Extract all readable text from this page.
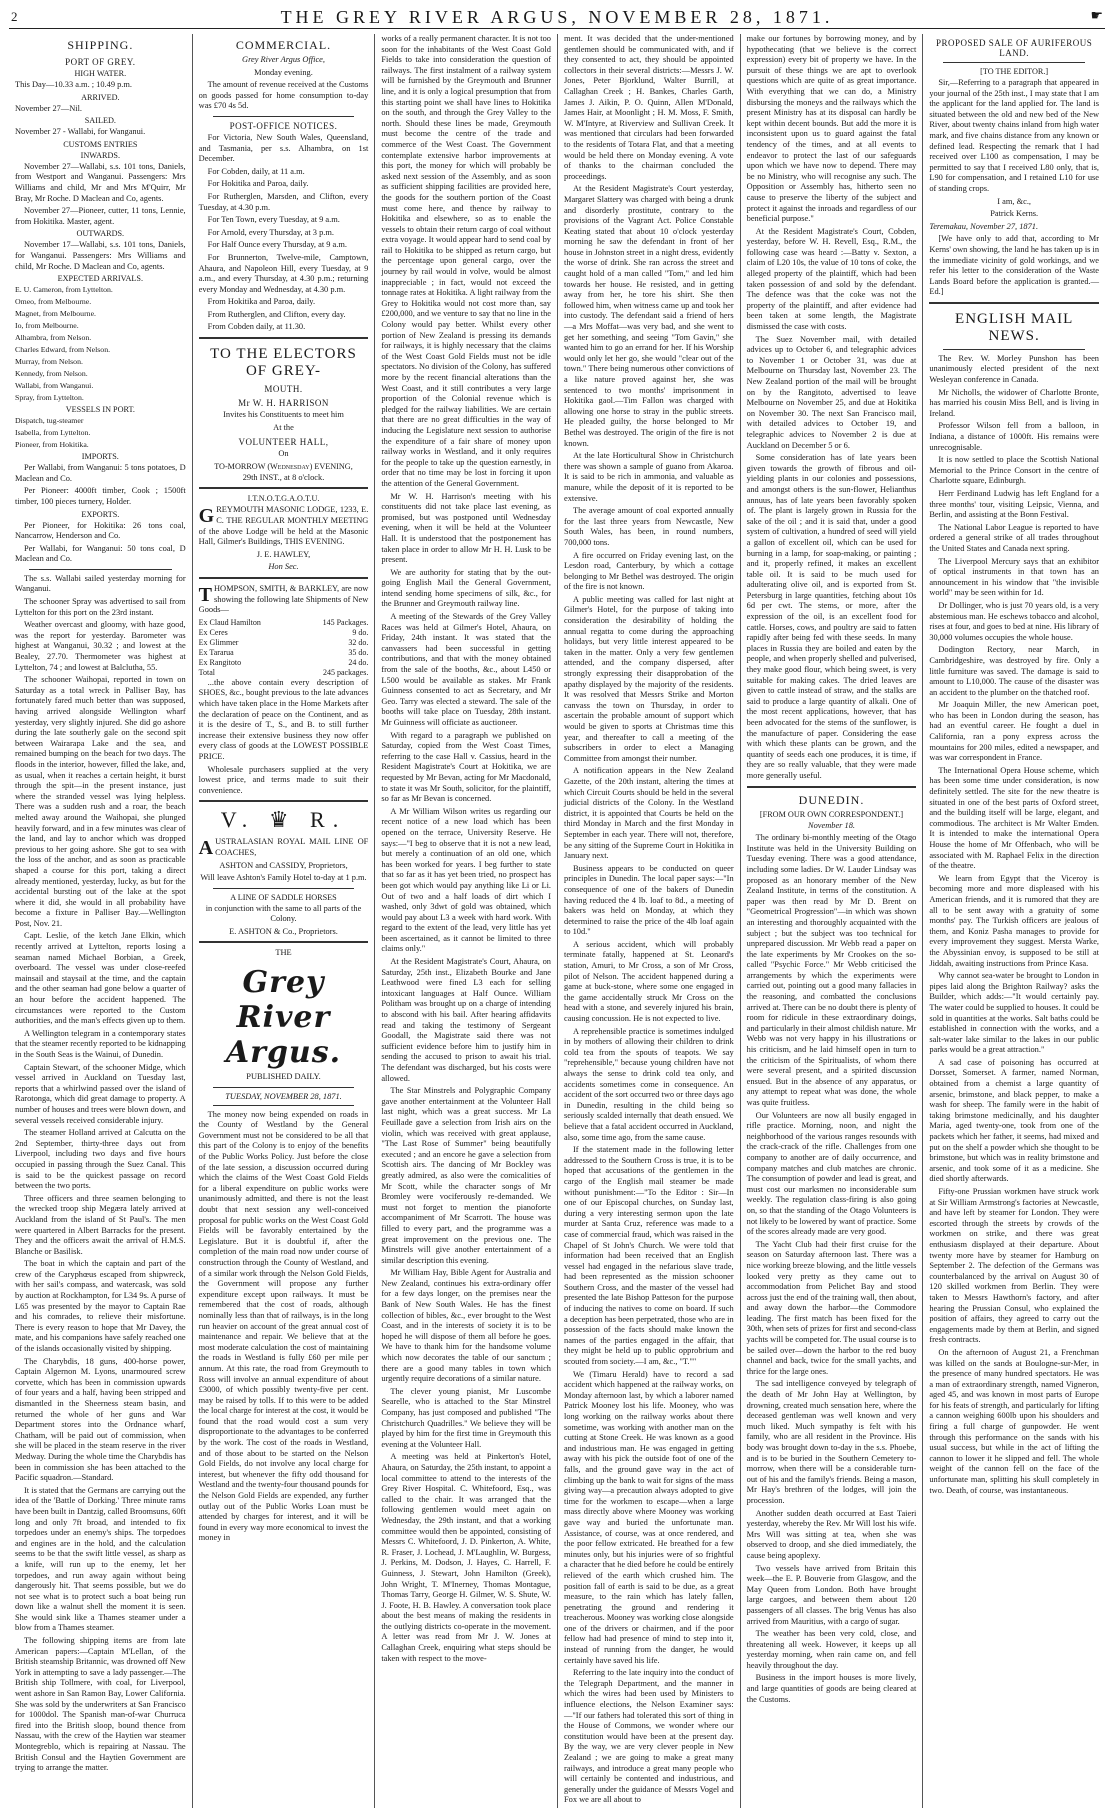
2	THE GREY RIVER ARGUS, NOVEMBER 28, 1871.	☛
SHIPPING.
PORT OF GREY.
HIGH WATER.

This Day—10.33 a.m. ; 10.49 p.m.

ARRIVED.

November 27—Nil.

SAILED.

November 27 - Wallabi, for Wanganui.

CUSTOMS ENTRIES
INWARDS.

November 27—Wallabi, s.s. 101 tons, Daniels, from Westport and Wanganui. Passengers: Mrs Williams and child, Mr and Mrs M'Quirr, Mr Bray, Mr Roche. D Maclean and Co, agents.

November 27—Pioneer, cutter, 11 tons, Lennie, from Hokitika. Master, agent.

OUTWARDS.

November 17—Wallabi, s.s. 101 tons, Daniels, for Wanganui. Passengers: Mrs Williams and child, Mr Roche. D Maclean and Co, agents.

EXPECTED ARRIVALS.

E. U. Cameron, from Lyttelton.

Omeo, from Melbourne.

Magnet, from Melbourne.

Io, from Melbourne.

Alhambra, from Nelson.

Charles Edward, from Nelson.

Murray, from Nelson.

Kennedy, from Nelson.

Wallabi, from Wanganui.

Spray, from Lyttelton.

VESSELS IN PORT.

Dispatch, tug-steamer

Isabella, from Lyttelton.

Pioneer, from Hokitika.

IMPORTS.

Per Wallabi, from Wanganui: 5 tons potatoes, D Maclean and Co.

Per Pioneer: 4000ft timber, Cook ; 1500ft timber, 100 pieces turnery, Holder.

EXPORTS.

Per Pioneer, for Hokitika: 26 tons coal, Nancarrow, Henderson and Co.

Per Wallabi, for Wanganui: 50 tons coal, D Maclean and Co.

The s.s. Wallabi sailed yesterday morning for Wanganui.

The schooner Spray was advertised to sail from Lyttelton for this port on the 23rd instant.

Weather overcast and gloomy, with haze good, was the report for yesterday. Barometer was highest at Wanganui, 30.32 ; and lowest at the Bealey, 27.70. Thermometer was highest at Lyttelton, 74 ; and lowest at Balclutha, 55.

The schooner Waihopai, reported in town on Saturday as a total wreck in Palliser Bay, has fortunately fared much better than was supposed, having arrived alongside Wellington wharf yesterday, very slightly injured. She did go ashore during the late southerly gale on the second spit between Wairarapa Lake and the sea, and remained bumping on the beach for two days. The floods in the interior, however, filled the lake, and, as usual, when it reaches a certain height, it burst through the spit—in the present instance, just where the stranded vessel was lying helpless. There was a sudden rush and a roar, the beach melted away around the Waihopai, she plunged heavily forward, and in a few minutes was clear of the land, and lay to anchor which was dropped previous to her going ashore. She got to sea with the loss of the anchor, and as soon as practicable shaped a course for this port, taking a direct already mentioned, yesterday, lucky, as but for the accidental bursting out of the lake at the spot where it did, she would in all probability have become a fixture in Palliser Bay.—Wellington Post, Nov. 21.

Capt. Leslie, of the ketch Jane Elkin, which recently arrived at Lyttelton, reports losing a seaman named Michael Borbian, a Greek, overboard. The vessel was under close-reefed mainsail and staysail at the time, and the captain and the other seaman had gone below a quarter of an hour before the accident happened. The circumstances were reported to the Custom authorities, and the man's effects given up to them.

A Wellington telegram in a contemporary states that the steamer recently reported to be kidnapping in the South Seas is the Wainui, of Dunedin.

Captain Stewart, of the schooner Midge, which vessel arrived in Auckland on Tuesday last, reports that a whirlwind passed over the island of Rarotonga, which did great damage to property. A number of houses and trees were blown down, and several vessels received considerable injury.

The steamer Holland arrived at Calcutta on the 2nd September, thirty-three days out from Liverpool, including two days and five hours occupied in passing through the Suez Canal. This is said to be the quickest passage on record between the two ports.

Three officers and three seamen belonging to the wrecked troop ship Megæra lately arrived at Auckland from the island of St Paul's. The men were quartered in Albert Barracks for the present. They and the officers await the arrival of H.M.S. Blanche or Basilisk.

The boat in which the captain and part of the crew of the Caryphœus escaped from shipwreck, with her sail's compass, and watercask, was sold by auction at Rockhampton, for L34 9s. A purse of L65 was presented by the mayor to Captain Rae and his comrades, to relieve their misfortune. There is every reason to hope that Mr Davey, the mate, and his companions have safely reached one of the islands occasionally visited by shipping.

The Charybdis, 18 guns, 400-horse power, Captain Algernon M. Lyons, unarmoured screw corvette, which has been in commission upwards of four years and a half, having been stripped and dismantled in the Sheerness steam basin, and returned the whole of her guns and War Department stores into the Ordnance wharf, Chatham, will be paid out of commission, when she will be placed in the steam reserve in the river Medway. During the whole time the Charybdis has been in commission she has been attached to the Pacific squadron.—Standard.

It is stated that the Germans are carrying out the idea of the 'Battle of Dorking.' Three minute rams have been built in Dantzig, called Broomsuns, 60ft long and only 7ft broad, and intended to fix torpedoes under an enemy's ships. The torpedoes and engines are in the hold, and the calculation seems to be that the swift little vessel, as sharp as a knife, will run up to the enemy, let her torpedoes, and run away again without being dangerously hit. That seems possible, but we do not see what is to protect such a boat being run down like a walnut shell the moment it is seen. She would sink like a Thames steamer under a blow from a Thames steamer.

The following shipping items are from late American papers:—Captain M'Lellan, of the British steamship Britannic, was drowned off New York in attempting to save a lady passenger.—The British ship Tollmere, with coal, for Liverpool, went ashore in San Ramon Bay, Lower California. She was sold by the underwriters at San Francisco for 1000dol. The Spanish man-of-war Churruca fired into the British sloop, bound thence from Nassau, with the crew of the Haytien war steamer Montegreblo, which is repairing at Nassau. The British Consul and the Haytien Government are trying to arrange the matter.

COMMERCIAL.

Grey River Argus Office,

Monday evening.

The amount of revenue received at the Customs on goods passed for home consumption to-day was £70 4s 5d.

POST-OFFICE NOTICES.

For Victoria, New South Wales, Queensland, and Tasmania, per s.s. Alhambra, on 1st December.

For Cobden, daily, at 11 a.m.

For Hokitika and Paroa, daily.

For Rutherglen, Marsden, and Clifton, every Tuesday, at 4.30 p.m.

For Ten Town, every Tuesday, at 9 a.m.

For Arnold, every Thursday, at 3 p.m.

For Half Ounce every Thursday, at 9 a.m.

For Brunnerton, Twelve-mile, Camptown, Ahaura, and Napoleon Hill, every Tuesday, at 9 a.m., and every Thursday, at 4.30 p.m.; returning every Monday and Wednesday, at 4.30 p.m.

From Hokitika and Paroa, daily.

From Rutherglen, and Clifton, every day.

From Cobden daily, at 11.30.

TO THE ELECTORS OF GREY-
MOUTH.
Mr W. H. HARRISON

Invites his Constituents to meet him

At the

VOLUNTEER HALL,

On

TO-MORROW (Wednesday) EVENING,

29th INST., at 8 o'clock.

I.T.N.O.T.G.A.O.T.U.

GREYMOUTH MASONIC LODGE, 1233, E. C. THE REGULAR MONTHLY MEETING of the above Lodge will be held at the Masonic Hall, Gilmer's Buildings, THIS EVENING.

J. E. HAWLEY,

Hon Sec.

THOMPSON, SMITH, & BARKLEY, are now showing the following late Shipments of New Goods—

Ex Claud Hamilton	145 Packages.
Ex Ceres	9 do.
Ex Glimmer	32 do.
Ex Tararua	35 do.
Ex Rangitoto	24 do.
Total	245 packages.

...the above contain every description of SHOES, &c., bought previous to the late advances which have taken place in the Home Markets after the declaration of peace on the Continent, and as it is the desire of T., S., and B. to still further increase their extensive business they now offer every class of goods at the LOWEST POSSIBLE PRICE.

Wholesale purchasers supplied at the very lowest price, and terms made to suit their convenience.

V. ♛ R.

AUSTRALASIAN ROYAL MAIL LINE OF COACHES,

ASHTON and CASSIDY, Proprietors,

Will leave Ashton's Family Hotel to-day at 1 p.m.

A LINE OF SADDLE HORSES

in conjunction with the same to all parts of the Colony.

E. ASHTON & Co., Proprietors.

THE

Grey River Argus.

PUBLISHED DAILY.

TUESDAY, NOVEMBER 28, 1871.

The money now being expended on roads in the County of Westland by the General Government must not be considered to be all that this part of the Colony is to enjoy of the benefits of the Public Works Policy. Just before the close of the late session, a discussion occurred during which the claims of the West Coast Gold Fields for a liberal expenditure on public works were unanimously admitted, and there is not the least doubt that next session any well-conceived proposal for public works on the West Coast Gold Fields will be favorably entertained by the Legislature. But it is doubtful if, after the completion of the main road now under course of construction through the County of Westland, and of a similar work through the Nelson Gold Fields, the Government will propose any further expenditure except upon railways. It must be remembered that the cost of roads, although nominally less than that of railways, is in the long run heavier on account of the great annual cost of maintenance and repair. We believe that at the most moderate calculation the cost of maintaining the roads in Westland is fully £60 per mile per annum. At this rate, the road from Greymouth to Ross will involve an annual expenditure of about £3000, of which possibly twenty-five per cent. may be raised by tolls. If to this were to be added the local charge for interest at the cost, it would be found that the road would cost a sum very disproportionate to the advantages to be conferred by the work. The cost of the roads in Westland, and of those about to be started on the Nelson Gold Fields, do not involve any local charge for interest, but whenever the fifty odd thousand for Westland and the twenty-four thousand pounds for the Nelson Gold Fields are expended, any further outlay out of the Public Works Loan must be attended by charges for interest, and it will be found in every way more economical to invest the money in

works of a really permanent character. It is not too soon for the inhabitants of the West Coast Gold Fields to take into consideration the question of railways. The first instalment of a railway system will be furnished by the Greymouth and Brunner line, and it is only a logical presumption that from this starting point we shall have lines to Hokitika on the south, and through the Grey Valley to the north. Should these lines be made, Greymouth must become the centre of the trade and commerce of the West Coast. The Government contemplate extensive harbor improvements at this port, the money for which will probably be asked next session of the Assembly, and as soon as sufficient shipping facilities are provided here, the goods for the southern portion of the Coast must come here, and thence by railway to Hokitika and elsewhere, so as to enable the vessels to obtain their return cargo of coal without extra voyage. It would appear hard to send coal by rail to Hokitika to be shipped as return cargo, but the percentage upon general cargo, over the journey by rail would in volve, would be almost inappreciable ; in fact, would not exceed the tonnage rates at Hokitika. A light railway from the Grey to Hokitika would not cost more than, say £200,000, and we venture to say that no line in the Colony would pay better. Whilst every other portion of New Zealand is pressing its demands for railways, it is highly necessary that the claims of the West Coast Gold Fields must not be idle spectators. No division of the Colony, has suffered more by the recent financial alterations than the West Coast, and it still contributes a very large proportion of the Colonial revenue which is pledged for the railway liabilities. We are certain that there are no great difficulties in the way of inducing the Legislature next session to authorise the expenditure of a fair share of money upon railway works in Westland, and it only requires for the people to take up the question earnestly, in order that no time may be lost in forcing it upon the attention of the General Government.

Mr W. H. Harrison's meeting with his constituents did not take place last evening, as promised, but was postponed until Wednesday evening, when it will be held at the Volunteer Hall. It is understood that the postponement has taken place in order to allow Mr H. H. Lusk to be present.

We are authority for stating that by the out-going English Mail the General Government, intend sending home specimens of silk, &c., for the Brunner and Greymouth railway line.

A meeting of the Stewards of the Grey Valley Races was held at Gilmer's Hotel, Ahaura, on Friday, 24th instant. It was stated that the canvassers had been successful in getting contributions, and that with the money obtained from the sale of the booths, &c., about L450 or L500 would be available as stakes. Mr Frank Guinness consented to act as Secretary, and Mr Geo. Tarry was elected a steward. The sale of the booths will take place on Tuesday, 28th instant. Mr Guinness will officiate as auctioneer.

With regard to a paragraph we published on Saturday, copied from the West Coast Times, referring to the case Hall v. Cassius, heard in the Resident Magistrate's Court at Hokitika, we are requested by Mr Bevan, acting for Mr Macdonald, to state it was Mr South, solicitor, for the plaintiff, so far as Mr Bevan is concerned.

A Mr William Wilson writes us regarding our recent notice of a new load which has been opened on the terrace, University Reserve. He says:—"I beg to observe that it is not a new lead, but merely a continuation of an old one, which has been worked for years. I beg further to state that so far as it has yet been tried, no prospect has been got which would pay anything like Li or Li. Out of two and a half loads of dirt which I washed, only 3dwt of gold was obtained, which would pay about L3 a week with hard work. With regard to the extent of the lead, very little has yet been ascertained, as it cannot be limited to three claims only."

At the Resident Magistrate's Court, Ahaura, on Saturday, 25th inst., Elizabeth Bourke and Jane Leathwood were fined L3 each for selling intoxicant languages at Half Ounce. William Politham was brought up on a charge of intending to abscond with his bail. After hearing affidavits read and taking the testimony of Sergeant Goodall, the Magistrate said there was not sufficient evidence before him to justify him in sending the accused to prison to await his trial. The defendant was discharged, but his costs were allowed.

The Star Minstrels and Polygraphic Company gave another entertainment at the Volunteer Hall last night, which was a great success. Mr La Feuillade gave a selection from Irish airs on the violin, which was received with great applause, "The Last Rose of Summer" being beautifully executed ; and an encore he gave a selection from Scottish airs. The dancing of Mr Bockley was greatly admired, as also were the comicalities of Mr Scott, while the character songs of Mr Bromley were vociferously re-demanded. We must not forget to mention the pianoforte accompaniment of Mr Scarrott. The house was filled to every part, and the programme was a great improvement on the previous one. The Minstrels will give another entertainment of a similar description this evening.

Mr William Hay, Bible Agent for Australia and New Zealand, continues his extra-ordinary offer for a few days longer, on the premises near the Bank of New South Wales. He has the finest collection of bibles, &c., ever brought to the West Coast, and in the interests of society it is to be hoped he will dispose of them all before he goes. We have to thank him for the handsome volume which now decorates the table of our sanctum ; there are a good many tables in town which urgently require decorations of a similar nature.

The clever young pianist, Mr Luscombe Searelle, who is attached to the Star Minstrel Company, has just composed and published "The Christchurch Quadrilles." We believe they will be played by him for the first time in Greymouth this evening at the Volunteer Hall.

A meeting was held at Pinkerton's Hotel, Ahaura, on Saturday, the 25th instant, to appoint a local committee to attend to the interests of the Grey River Hospital. C. Whitefoord, Esq., was called to the chair. It was arranged that the following gentlemen would meet again on Wednesday, the 29th instant, and that a working committee would then be appointed, consisting of Messrs C. Whitefoord, J. D. Pinkerton, A. White, R. Fraser, J. Lochead, J. M'Laughlin, W. Burgess, J. Perkins, M. Dodson, J. Hayes, C. Harrell, F. Guinness, J. Stewart, John Hamilton (Greek), John Wright, T. M'Inerney, Thomas Montague, Thomas Tarry, George H. Gilmer, W. S. Shute, W. J. Foote, H. B. Hawley. A conversation took place about the best means of making the residents in the outlying districts co-operate in the movement. A letter was read from Mr J. W. Jones at Callaghan Creek, enquiring what steps should be taken with respect to the move-

ment. It was decided that the under-mentioned gentlemen should be communicated with, and if they consented to act, they should be appointed collectors in their several districts:—Messrs J. W. Jones, Peter Bjorklund, Walter Burrill, at Callaghan Creek ; H. Bankes, Charles Garth, James J. Aikin, P. O. Quinn, Allen M'Donald, James Hair, at Moonlight ; H. M. Moss, F. Smith, W. M'Intyre, at Riverview and Sullivan Creek. It was mentioned that circulars had been forwarded to the residents of Totara Flat, and that a meeting would be held there on Monday evening. A vote of thanks to the chairman concluded the proceedings.

At the Resident Magistrate's Court yesterday, Margaret Slattery was charged with being a drunk and disorderly prostitute, contrary to the provisions of the Vagrant Act. Police Constable Keating stated that about 10 o'clock yesterday morning he saw the defendant in front of her house in Johnston street in a night dress, evidently the worse of drink. She ran across the street and caught hold of a man called "Tom," and led him towards her house. He resisted, and in getting away from her, he tore his shirt. She then followed him, when witness came up and took her into custody. The defendant said a friend of hers—a Mrs Moffat—was very bad, and she went to get her something, and seeing "Tom Gavin," she wanted him to go an errand for her. If his Worship would only let her go, she would "clear out of the town." There being numerous other convictions of a like nature proved against her, she was sentenced to two months' imprisonment in Hokitika gaol.—Tim Fallon was charged with allowing one horse to stray in the public streets. He pleaded guilty, the horse belonged to Mr Bethel was destroyed. The origin of the fire is not known.

At the late Horticultural Show in Christchurch there was shown a sample of guano from Akaroa. It is said to be rich in ammonia, and valuable as manure, while the deposit of it is reported to be extensive.

The average amount of coal exported annually for the last three years from Newcastle, New South Wales, has been, in round numbers, 700,000 tons.

A fire occurred on Friday evening last, on the Lesdon road, Canterbury, by which a cottage belonging to Mr Bethel was destroyed. The origin of the fire is not known.

A public meeting was called for last night at Gilmer's Hotel, for the purpose of taking into consideration the desirability of holding the annual regatta to come during the approaching holidays, but very little interest appeared to be taken in the matter. Only a very few gentlemen attended, and the company dispersed, after strongly expressing their disapprobation of the apathy displayed by the majority of the residents. It was resolved that Messrs Strike and Morton canvass the town on Thursday, in order to ascertain the probable amount of support which would be given to sports at Christmas time this year, and thereafter to call a meeting of the subscribers in order to elect a Managing Committee from amongst their number.

A notification appears in the New Zealand Gazette, of the 20th instant, altering the times at which Circuit Courts should be held in the several judicial districts of the Colony. In the Westland district, it is appointed that Courts be held on the third Monday in March and the first Monday in September in each year. There will not, therefore, be any sitting of the Supreme Court in Hokitika in January next.

Business appears to be conducted on queer principles in Dunedin. The local paper says:—"In consequence of one of the bakers of Dunedin having reduced the 4 lb. loaf to 8d., a meeting of bakers was held on Monday, at which they determined to raise the price of the 4lb loaf again to 10d."

A serious accident, which will probably terminate fatally, happened at St. Leonard's station, Amuri, to Mr Cross, a son of Mr Cross, pilot of Nelson. The accident happened during a game at buck-stone, where some one engaged in the game accidentally struck Mr Cross on the head with a stone, and severely injured his brain, causing concussion. He is not expected to live.

A reprehensible practice is sometimes indulged in by mothers of allowing their children to drink cold tea from the spouts of teapots. We say "reprehensible," because young children have not always the sense to drink cold tea only, and accidents sometimes come in consequence. An accident of the sort occurred two or three days ago in Dunedin, resulting in the child being so seriously scalded internally that death ensued. We believe that a fatal accident occurred in Auckland, also, some time ago, from the same cause.

If the statement made in the following letter addressed to the Southern Cross is true, it is to be hoped that accusations of the gentlemen in the cargo of the English mail steamer be made without punishment:—"To the Editor : Sir—In one of our Episcopal churches, on Sunday last, during a very interesting sermon upon the late murder at Santa Cruz, reference was made to a case of commercial fraud, which was raised in the Chapel of St John's Church. We were told that information had been received that an English vessel had engaged in the nefarious slave trade, had been represented as the mission schooner Southern Cross, and the master of the vessel had presented the late Bishop Patteson for the purpose of inducing the natives to come on board. If such a deception has been perpetrated, those who are in possession of the facts should make known the names of the parties engaged in the affair, that they might be held up to public opprobrium and scouted from society.—I am, &c., "T.""

We (Timaru Herald) have to record a sad accident which happened at the railway works, on Monday afternoon last, by which a laborer named Patrick Mooney lost his life. Mooney, who was long working on the railway works about there sometime, was working with another man on the cutting at Stone Creek. He was known as a good and industrious man. He was engaged in getting away with his pick the outside foot of one of the falls, and the ground gave way in the act of climbing up the bank to wait for signs of the mass giving way—a precaution always adopted to give time for the workmen to escape—when a large mass directly above where Mooney was working gave way and buried the unfortunate man. Assistance, of course, was at once rendered, and the poor fellow extricated. He breathed for a few minutes only, but his injuries were of so frightful a character that he died before he could be entirely relieved of the earth which crushed him. The position fall of earth is said to be due, as a great measure, to the rain which has lately fallen, penetrating the ground and rendering it treacherous. Mooney was working close alongside one of the drivers or chairmen, and if the poor fellow had had presence of mind to step into it, instead of running from the danger, he would certainly have saved his life.

Referring to the late inquiry into the conduct of the Telegraph Department, and the manner in which the wires had been used by Ministers to influence elections, the Nelson Examiner says:—"If our fathers had tolerated this sort of thing in the House of Commons, we wonder where our constitution would have been at the present day. By the way, we are very clever people in New Zealand ; we are going to make a great many railways, and introduce a great many people who will certainly be contented and industrious, and generally under the guidance of Messrs Vogel and Fox we are all about to

make our fortunes by borrowing money, and by hypothecating (that we believe is the correct expression) every bit of property we have. In the pursuit of these things we are apt to overlook questions which are quite of as great importance. With everything that we can do, a Ministry disbursing the moneys and the railways which the present Ministry has at its disposal can hardly be kept within decent bounds. But add the more it is inconsistent upon us to guard against the fatal tendency of the times, and at all events to endeavor to protect the last of our safeguards upon which we have now to depend. There may be no Ministry, who will recognise any such. The Opposition or Assembly has, hitherto seen no cause to preserve the liberty of the subject and protect it against the inroads and regardless of our beneficial purpose."

At the Resident Magistrate's Court, Cobden, yesterday, before W. H. Revell, Esq., R.M., the following case was heard :—Batty v. Sexton, a claim of L20 10s, the value of 10 tons of coke, the alleged property of the plaintiff, which had been taken possession of and sold by the defendant. The defence was that the coke was not the property of the plaintiff, and after evidence had been taken at some length, the Magistrate dismissed the case with costs.

The Suez November mail, with detailed advices up to October 6, and telegraphic advices to November 1 or October 31, was due at Melbourne on Thursday last, November 23. The New Zealand portion of the mail will be brought on by the Rangitoto, advertised to leave Melbourne on November 25, and due at Hokitika on November 30. The next San Francisco mail, with detailed advices to October 19, and telegraphic advices to November 2 is due at Auckland on December 5 or 6.

Some consideration has of late years been given towards the growth of fibrous and oil-yielding plants in our colonies and possessions, and amongst others is the sun-flower, Helianthus annuus, has of late years been favorably spoken of. The plant is largely grown in Russia for the sake of the oil ; and it is said that, under a good system of cultivation, a hundred of seed will yield a gallon of excellent oil, which can be used for burning in a lamp, for soap-making, or painting ; and it, properly refined, it makes an excellent table oil. It is said to be much used for adulterating olive oil, and is exported from St. Petersburg in large quantities, fetching about 10s 6d per cwt. The stems, or more, after the expression of the oil, is an excellent food for cattle. Horses, cows, and poultry are said to fatten rapidly after being fed with these seeds. In many places in Russia they are boiled and eaten by the people, and when properly shelled and pulverised, they make good flour, which being sweet, is very suitable for making cakes. The dried leaves are given to cattle instead of straw, and the stalks are said to produce a large quantity of alkali. One of the most recent applications, however, that has been advocated for the stems of the sunflower, is the manufacture of paper. Considering the ease with which these plants can be grown, and the quantity of seeds each one produces, it is time, if they are so really valuable, that they were made more generally useful.

DUNEDIN.
[FROM OUR OWN CORRESPONDENT.]

November 18.

The ordinary bi-monthly meeting of the Otago Institute was held in the University Building on Tuesday evening. There was a good attendance, including some ladies. Dr W. Lauder Lindsay was proposed as an honorary member of the New Zealand Institute, in terms of the constitution. A paper was then read by Mr D. Brent on "Geometrical Progression"—in which was shown an interesting and thoroughly acquainted with the subject ; but the subject was too technical for unprepared discussion. Mr Webb read a paper on the late experiments by Mr Crookes on the so-called "Psychic Force." Mr Webb criticised the arrangements by which the experiments were carried out, pointing out a good many fallacies in the reasoning, and combatted the conclusions arrived at. There can be no doubt there is plenty of room for ridicule in these extraordinary doings, and particularly in their almost childish nature. Mr Webb was not very happy in his illustrations or his criticism, and he laid himself open in turn to the criticism of the Spiritualists, of whom there were several present, and a spirited discussion ensued. But in the absence of any apparatus, or any attempt to repeat what was done, the whole was quite fruitless.

Our Volunteers are now all busily engaged in rifle practice. Morning, noon, and night the neighborhood of the various ranges resounds with the crack-crack of the rifle. Challenges from one company to another are of daily occurrence, and company matches and club matches are chronic. The consumption of powder and lead is great, and must cost our marksmen no inconsiderable sum weekly. The regulation class-firing is also going on, so that the standing of the Otago Volunteers is not likely to be lowered by want of practice. Some of the scores already made are very good.

The Yacht Club had their first cruise for the season on Saturday afternoon last. There was a nice working breeze blowing, and the little vessels looked very pretty as they came out to accommodation from Pelichet Bay and stood across just the end of the training wall, then about, and away down the harbor—the Commodore leading. The first match has been fixed for the 30th, when sets of prizes for first and second-class yachts will be competed for. The usual course is to be sailed over—down the harbor to the red buoy channel and back, twice for the small yachts, and thrice for the large ones.

The sad intelligence conveyed by telegraph of the death of Mr John Hay at Wellington, by drowning, created much sensation here, where the deceased gentleman was well known and very much liked. Much sympathy is felt with his family, who are all resident in the Province. His body was brought down to-day in the s.s. Phoebe, and is to be buried in the Southern Cemetery to-morrow, when there will be a considerable turn-out of his and the family's friends. Being a mason, Mr Hay's brethren of the lodges, will join the procession.

Another sudden death occurred at East Taieri yesterday, whereby the Rev. Mr Will lost his wife. Mrs Will was sitting at tea, when she was observed to droop, and she died immediately, the cause being apoplexy.

Two vessels have arrived from Britain this week—the E. P. Bouverie from Glasgow, and the May Queen from London. Both have brought large cargoes, and between them about 120 passengers of all classes. The brig Venus has also arrived from Mauritius, with a cargo of sugar.

The weather has been very cold, close, and threatening all week. However, it keeps up all yesterday morning, when rain came on, and fell heavily throughout the day.

Business in the import houses is more lively, and large quantities of goods are being cleared at the Customs.

PROPOSED SALE OF AURIFEROUS LAND.
[TO THE EDITOR.]

Sir,—Referring to a paragraph that appeared in your journal of the 25th inst., I may state that I am the applicant for the land applied for. The land is situated between the old and new bed of the New River, about twenty chains inland from high water mark, and five chains distance from any known or defined lead. Respecting the remark that I had received over L100 as compensation, I may be permitted to say that I received L80 only, that is, L90 for compensation, and I retained L10 for use of standing crops.

I am, &c.,

Patrick Kerns.

Teremakau, November 27, 1871.

[We have only to add that, according to Mr Kerns' own showing, the land he has taken up is in the immediate vicinity of gold workings, and we refer his letter to the consideration of the Waste Lands Board before the application is granted.—Ed.]

ENGLISH MAIL NEWS.

The Rev. W. Morley Punshon has been unanimously elected president of the next Wesleyan conference in Canada.

Mr Nicholls, the widower of Charlotte Bronte, has married his cousin Miss Bell, and is living in Ireland.

Professor Wilson fell from a balloon, in Indiana, a distance of 1000ft. His remains were unrecognisable.

It is now settled to place the Scottish National Memorial to the Prince Consort in the centre of Charlotte square, Edinburgh.

Herr Ferdinand Ludwig has left England for a three months' tour, visiting Leipsic, Vienna, and Berlin, and assisting at the Bonn Festival.

The National Labor League is reported to have ordered a general strike of all trades throughout the United States and Canada next spring.

The Liverpool Mercury says that an exhibitor of optical instruments in that town has an announcement in his window that "the invisible world" may be seen within for 1d.

Dr Dollinger, who is just 70 years old, is a very abstemious man. He eschews tobacco and alcohol, rises at four, and goes to bed at nine. His library of 30,000 volumes occupies the whole house.

Dodington Rectory, near March, in Cambridgeshire, was destroyed by fire. Only a little furniture was saved. The damage is said to amount to L10,000. The cause of the disaster was an accident to the plumber on the thatched roof.

Mr Joaquin Miller, the new American poet, who has been in London during the season, has had an eventful career. He fought a duel in California, ran a pony express across the mountains for 200 miles, edited a newspaper, and was war correspondent in France.

The International Opera House scheme, which has been some time under consideration, is now definitely settled. The site for the new theatre is situated in one of the best parts of Oxford street, and the building itself will be large, elegant, and commodious. The architect is Mr Walter Emden. It is intended to make the international Opera House the home of Mr Offenbach, who will be associated with M. Raphael Felix in the direction of the theatre.

We learn from Egypt that the Viceroy is becoming more and more displeased with his American friends, and it is rumored that they are all to be sent away with a gratuity of some months' pay. The Turkish officers are jealous of them, and Koniz Pasha manages to provide for every improvement they suggest. Mersta Warke, the Abyssinian envoy, is supposed to be still at Jiddah, awaiting instructions from Prince Kasa.

Why cannot sea-water be brought to London in pipes laid along the Brighton Railway? asks the Builder, which adds:—"It would certainly pay. The water could be supplied to houses. It could be sold in quantities at the works. Salt baths could be established in connection with the works, and a salt-water lake similar to the lakes in our public parks would be a great attraction."

A sad case of poisoning has occurred at Dorsset, Somerset. A farmer, named Norman, obtained from a chemist a large quantity of arsenic, brimstone, and black pepper, to make a wash for sheep. The family were in the habit of taking brimstone medicinally, and his daughter Maria, aged twenty-one, took from one of the packets which her father, it seems, had mixed and put on the shelf a powder which she thought to be brimstone, but which was in reality brimstone and arsenic, and took some of it as a medicine. She died shortly afterwards.

Fifty-one Prussian workmen have struck work at Sir William Armstrong's factories at Newcastle, and have left by steamer for London. They were escorted through the streets by crowds of the workmen on strike, and there was great enthusiasm displayed at their departure. About twenty more have by steamer for Hamburg on September 2. The defection of the Germans was counterbalanced by the arrival on August 30 of 120 skilled workmen from Berlin. They were taken to Messrs Hawthorn's factory, and after hearing the Prussian Consul, who explained the position of affairs, they agreed to carry out the engagements made by them at Berlin, and signed fresh contracts.

On the afternoon of August 21, a Frenchman was killed on the sands at Boulogne-sur-Mer, in the presence of many hundred spectators. He was a man of extraordinary strength, named Vigneron, aged 45, and was known in most parts of Europe for his feats of strength, and particularly for lifting a cannon weighing 600lb upon his shoulders and firing a full charge of gunpowder. He went through this performance on the sands with his usual success, but while in the act of lifting the cannon to lower it he slipped and fell. The whole weight of the cannon fell on the face of the unfortunate man, splitting his skull completely in two. Death, of course, was instantaneous.
